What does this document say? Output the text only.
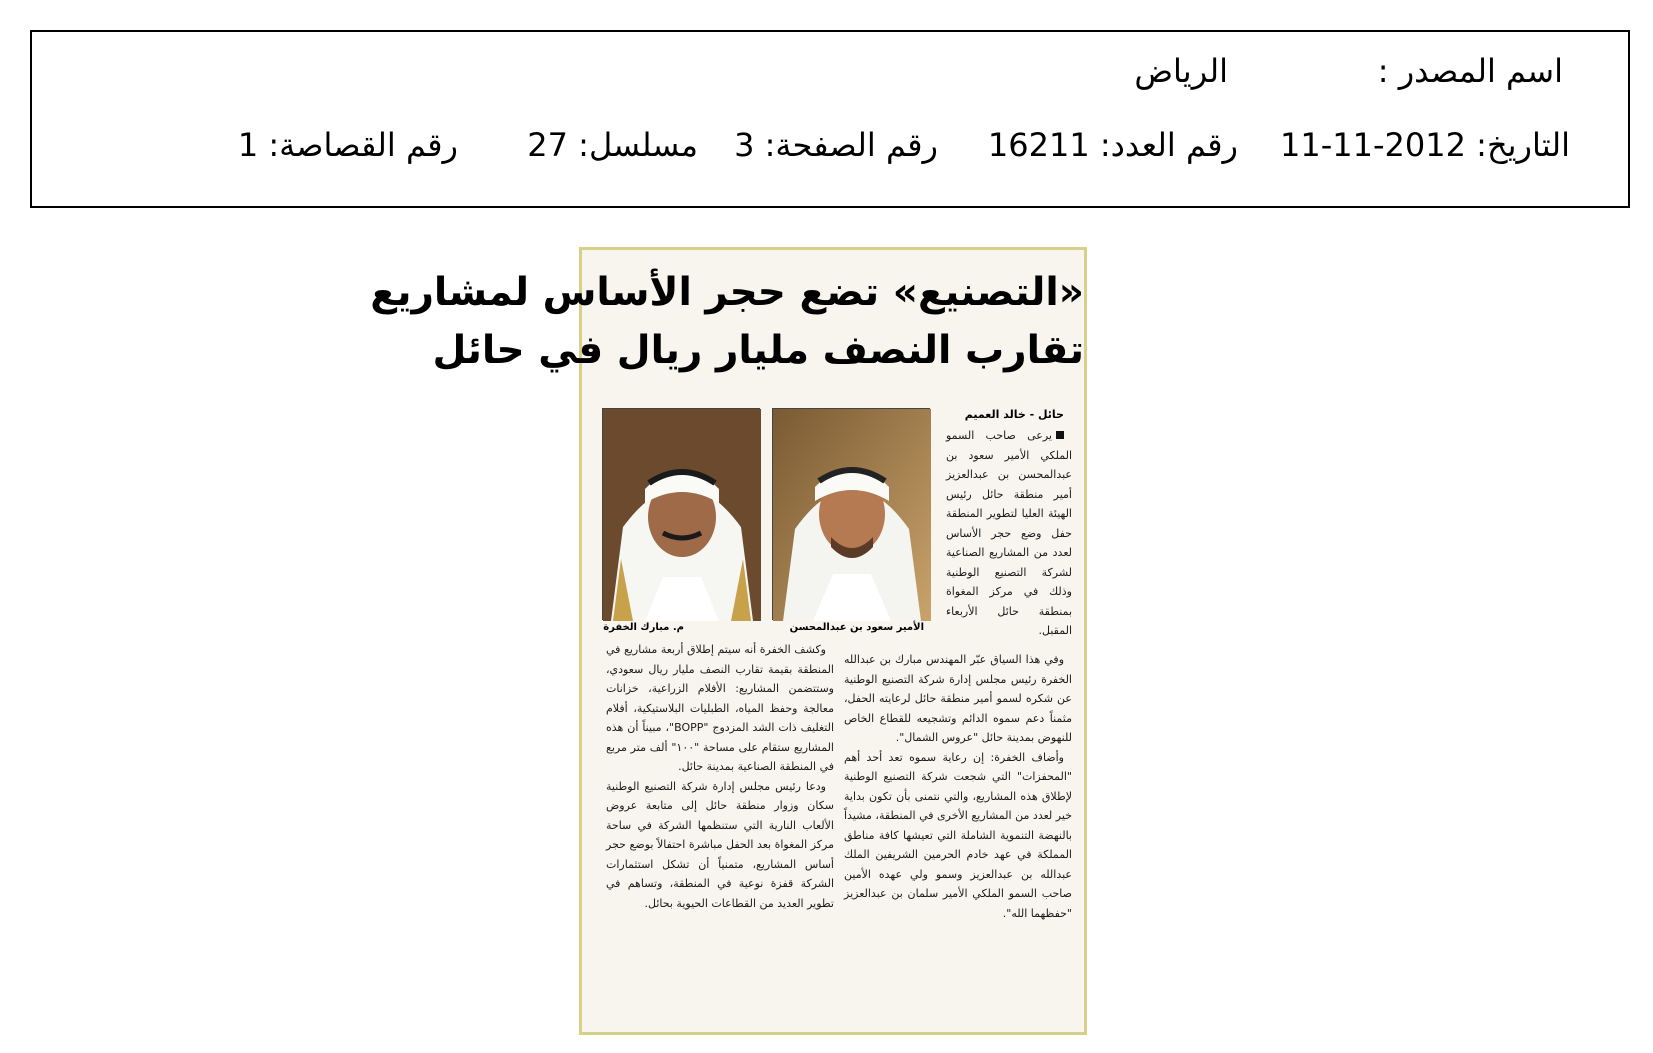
اسم المصدر :
الرياض
التاريخ: 2012-11-11
رقم العدد: 16211
رقم الصفحة: 3
مسلسل: 27
رقم القصاصة: 1
«التصنيع» تضع حجر الأساس لمشاريع
تقارب النصف مليار ريال في حائل
الأمير سعود بن عبدالمحسن
م. مبارك الخفرة
حائل - خالد العميم

يرعى صاحب السمو الملكي الأمير سعود بن عبدالمحسن بن عبدالعزيز أمير منطقة حائل رئيس الهيئة العليا لتطوير المنطقة حفل وضع حجر الأساس لعدد من المشاريع الصناعية لشركة التصنيع الوطنية وذلك في مركز المغواة بمنطقة حائل الأربعاء المقبل.

وفي هذا السياق عبّر المهندس مبارك بن عبدالله الخفرة رئيس مجلس إدارة شركة التصنيع الوطنية عن شكره لسمو أمير منطقة حائل لرعايته الحفل، مثمناً دعم سموه الدائم وتشجيعه للقطاع الخاص للنهوض بمدينة حائل "عروس الشمال".

وأضاف الخفرة: إن رعاية سموه تعد أحد أهم "المحفزات" التي شجعت شركة التصنيع الوطنية لإطلاق هذه المشاريع، والتي نتمنى بأن تكون بداية خير لعدد من المشاريع الأخرى في المنطقة، مشيداً بالنهضة التنموية الشاملة التي تعيشها كافة مناطق المملكة في عهد خادم الحرمين الشريفين الملك عبدالله بن عبدالعزيز وسمو ولي عهده الأمين صاحب السمو الملكي الأمير سلمان بن عبدالعزيز "حفظهما الله".

وكشف الخفرة أنه سيتم إطلاق أربعة مشاريع في المنطقة بقيمة تقارب النصف مليار ريال سعودي، وستتضمن المشاريع: الأفلام الزراعية، خزانات معالجة وحفظ المياه، الطبليات البلاستيكية، أفلام التغليف ذات الشد المزدوج "BOPP"، مبيناً أن هذه المشاريع ستقام على مساحة "١٠٠" ألف متر مربع في المنطقة الصناعية بمدينة حائل.

ودعا رئيس مجلس إدارة شركة التصنيع الوطنية سكان وزوار منطقة حائل إلى متابعة عروض الألعاب النارية التي ستنظمها الشركة في ساحة مركز المغواة بعد الحفل مباشرة احتفالاً بوضع حجر أساس المشاريع، متمنياً أن تشكل استثمارات الشركة قفزة نوعية في المنطقة، وتساهم في تطوير العديد من القطاعات الحيوية بحائل.
